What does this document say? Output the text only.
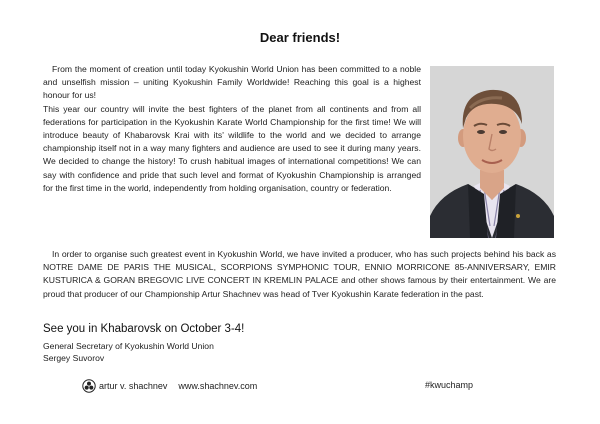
Dear friends!
From the moment of creation until today Kyokushin World Union has been committed to a noble and unselfish mission – uniting Kyokushin Family Worldwide! Reaching this goal is a highest honour for us!
This year our country will invite the best fighters of the planet from all continents and from all federations for participation in the Kyokushin Karate World Championship for the first time! We will introduce beauty of Khabarovsk Krai with its' wildlife to the world and we decided to arrange championship itself not in a way many fighters and audience are used to see it during many years. We decided to change the history! To crush habitual images of international competitions! We can say with confidence and pride that such level and format of Kyokushin Championship is arranged for the first time in the world, independently from holding organisation, country or federation.
In order to organise such greatest event in Kyokushin World, we have invited a producer, who has such projects behind his back as NOTRE DAME DE PARIS THE MUSICAL, SCORPIONS SYMPHONIC TOUR, ENNIO MORRICONE 85-ANNIVERSARY, EMIR KUSTURICA & GORAN BREGOVIC LIVE CONCERT IN KREMLIN PALACE and other shows famous by their entertainment. We are proud that producer of our Championship Artur Shachnev was head of Tver Kyokushin Karate federation in the past.
See you in Khabarovsk on October 3-4!
General Secretary of Kyokushin World Union
Sergey Suvorov
artur v. shachnev www.shachnev.com	#kwuchamp
